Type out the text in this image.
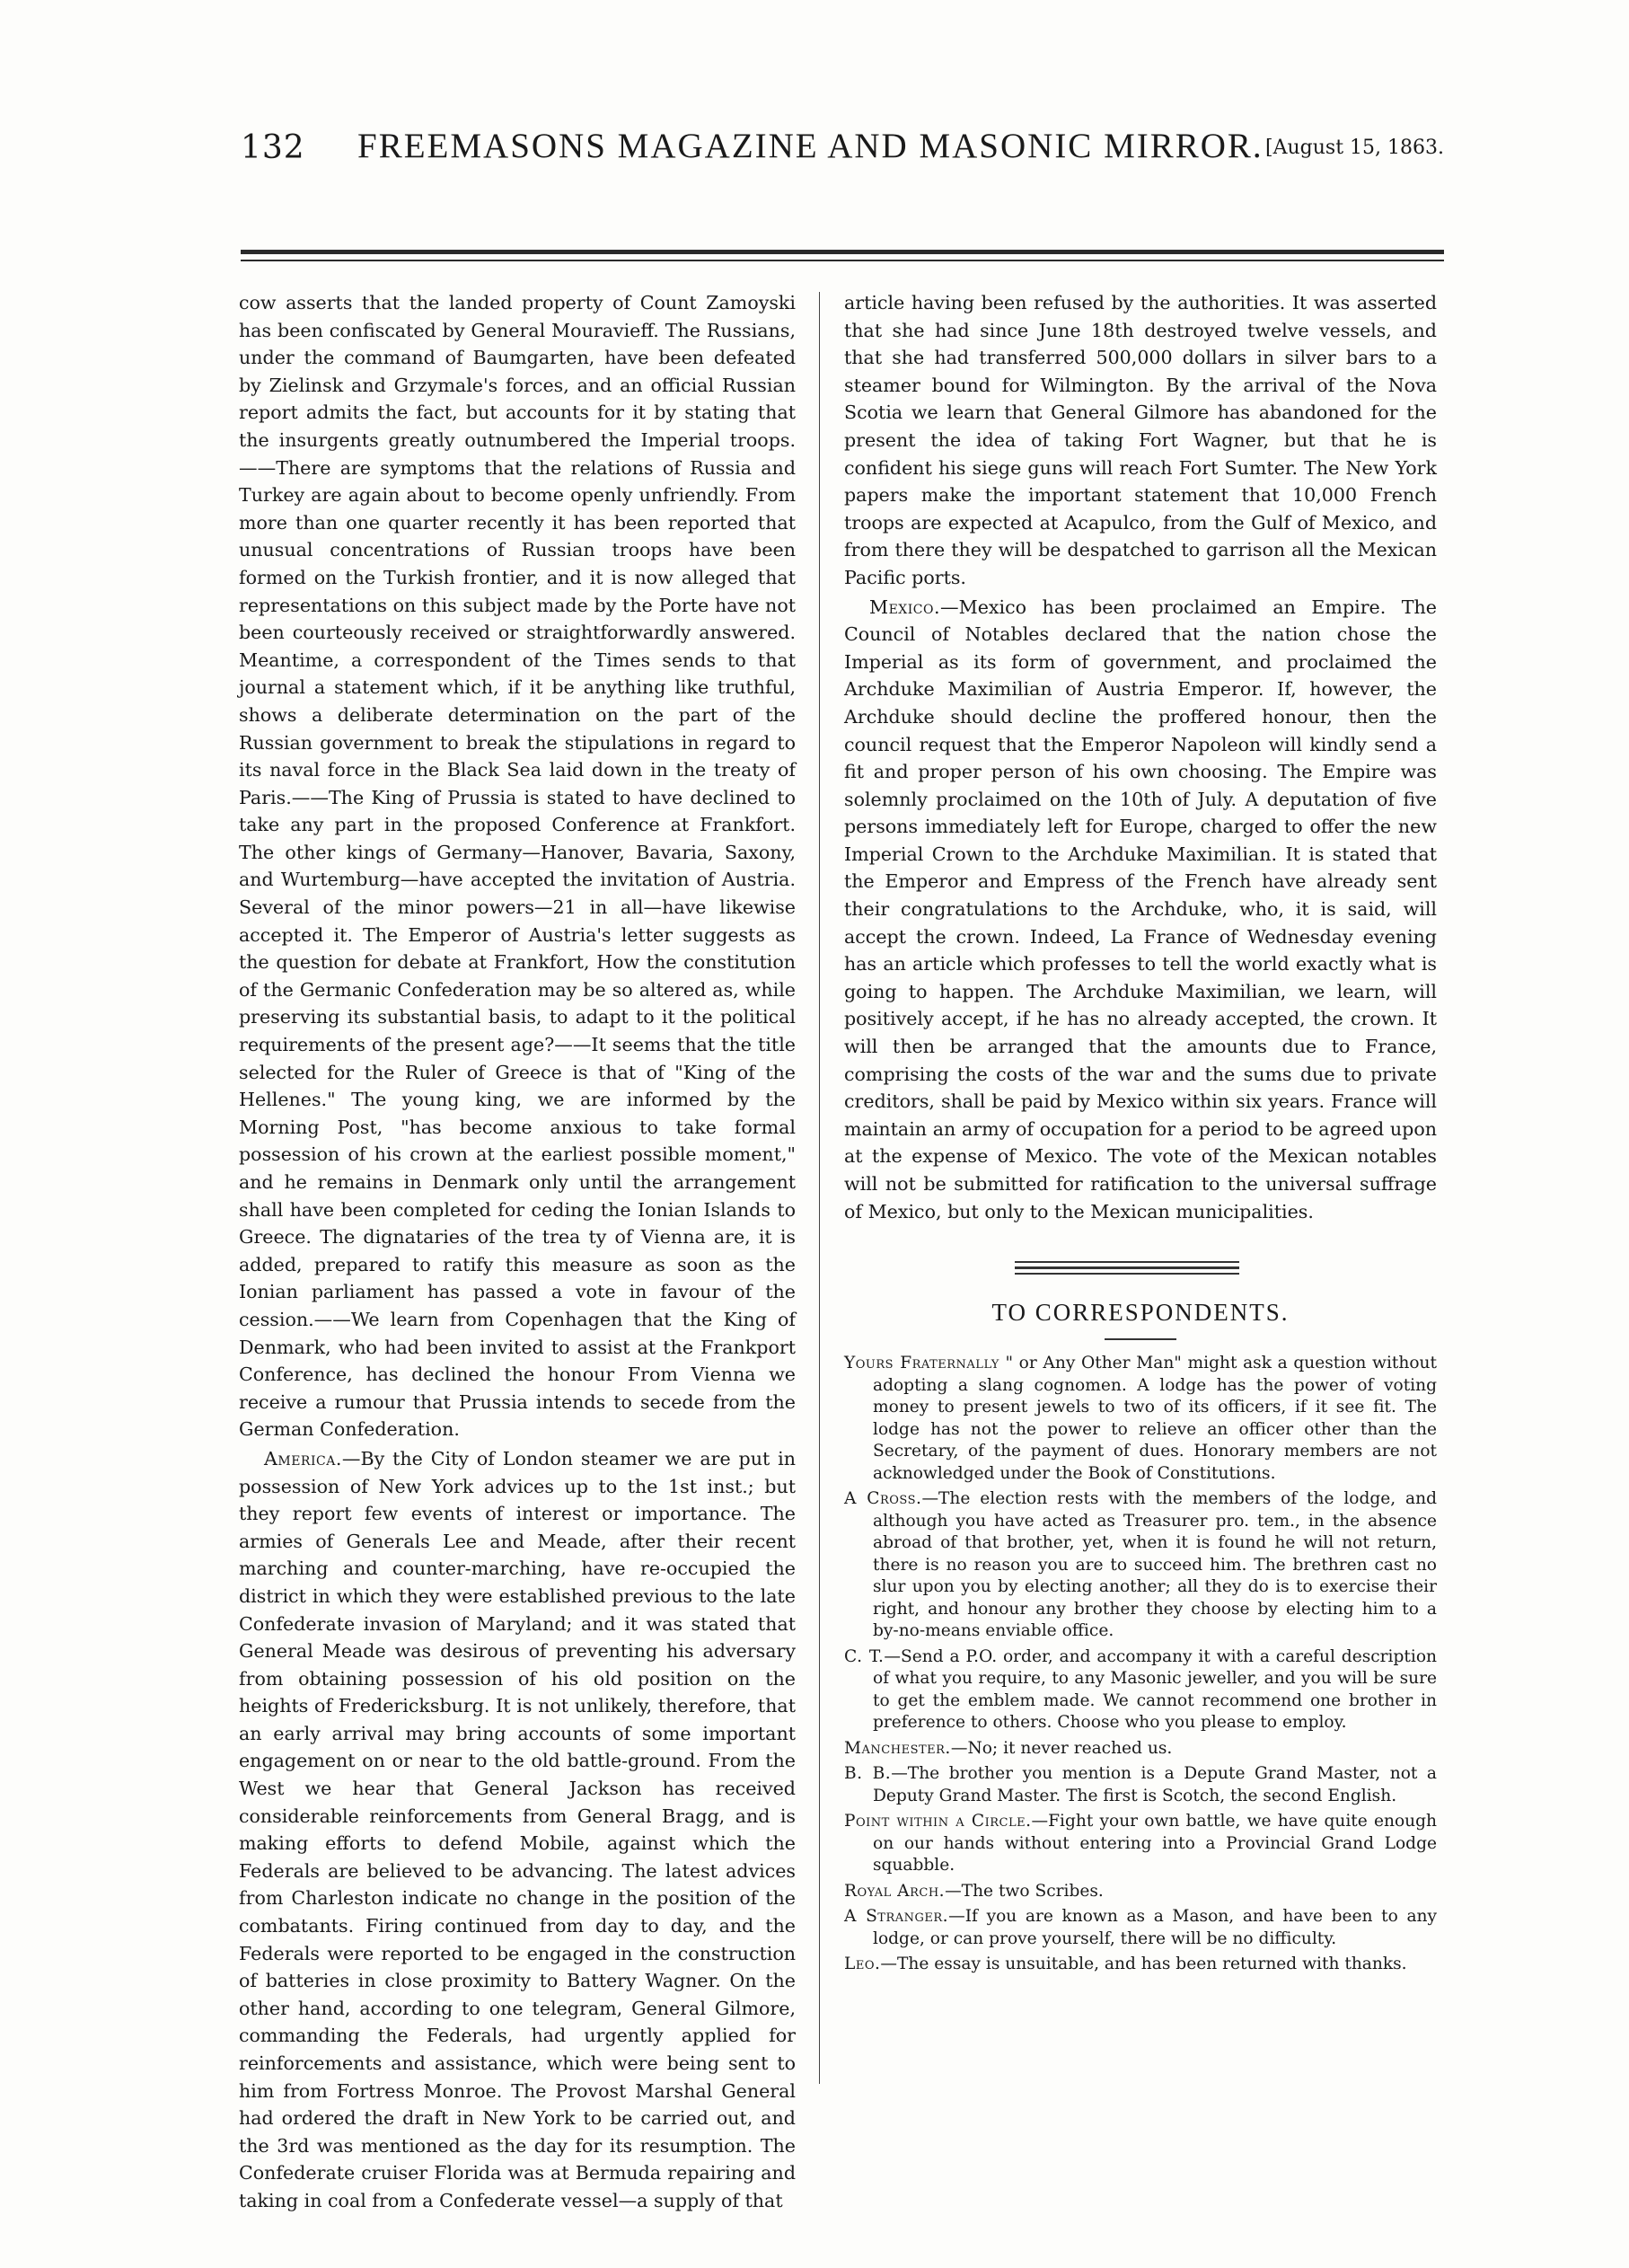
132 FREEMASONS MAGAZINE AND MASONIC MIRROR. [August 15, 1863.

cow asserts that the landed property of Count Zamoyski has been confiscated by General Mouravieff. The Russians, under the command of Baumgarten, have been defeated by Zielinsk and Grzymale's forces, and an official Russian report admits the fact, but accounts for it by stating that the insurgents greatly outnumbered the Imperial troops.——There are symptoms that the relations of Russia and Turkey are again about to become openly unfriendly. From more than one quarter recently it has been reported that unusual concentrations of Russian troops have been formed on the Turkish frontier, and it is now alleged that representations on this subject made by the Porte have not been courteously received or straightforwardly answered. Meantime, a correspondent of the Times sends to that journal a statement which, if it be anything like truthful, shows a deliberate determination on the part of the Russian government to break the stipulations in regard to its naval force in the Black Sea laid down in the treaty of Paris.——The King of Prussia is stated to have declined to take any part in the proposed Conference at Frankfort. The other kings of Germany—Hanover, Bavaria, Saxony, and Wurtemburg—have accepted the invitation of Austria. Several of the minor powers—21 in all—have likewise accepted it. The Emperor of Austria's letter suggests as the question for debate at Frankfort, How the constitution of the Germanic Confederation may be so altered as, while preserving its substantial basis, to adapt to it the political requirements of the present age?——It seems that the title selected for the Ruler of Greece is that of "King of the Hellenes." The young king, we are informed by the Morning Post, "has become anxious to take formal possession of his crown at the earliest possible moment," and he remains in Denmark only until the arrangement shall have been completed for ceding the Ionian Islands to Greece. The dignataries of the trea ty of Vienna are, it is added, prepared to ratify this measure as soon as the Ionian parliament has passed a vote in favour of the cession.——We learn from Copenhagen that the King of Denmark, who had been invited to assist at the Frankport Conference, has declined the honour From Vienna we receive a rumour that Prussia intends to secede from the German Confederation.

America.—By the City of London steamer we are put in possession of New York advices up to the 1st inst.; but they report few events of interest or importance. The armies of Generals Lee and Meade, after their recent marching and counter-marching, have re-occupied the district in which they were established previous to the late Confederate invasion of Maryland; and it was stated that General Meade was desirous of preventing his adversary from obtaining possession of his old position on the heights of Fredericksburg. It is not unlikely, therefore, that an early arrival may bring accounts of some important engagement on or near to the old battle-ground. From the West we hear that General Jackson has received considerable reinforcements from General Bragg, and is making efforts to defend Mobile, against which the Federals are believed to be advancing. The latest advices from Charleston indicate no change in the position of the combatants. Firing continued from day to day, and the Federals were reported to be engaged in the construction of batteries in close proximity to Battery Wagner. On the other hand, according to one telegram, General Gilmore, commanding the Federals, had urgently applied for reinforcements and assistance, which were being sent to him from Fortress Monroe. The Provost Marshal General had ordered the draft in New York to be carried out, and the 3rd was mentioned as the day for its resumption. The Confederate cruiser Florida was at Bermuda repairing and taking in coal from a Confederate vessel—a supply of that

article having been refused by the authorities. It was asserted that she had since June 18th destroyed twelve vessels, and that she had transferred 500,000 dollars in silver bars to a steamer bound for Wilmington. By the arrival of the Nova Scotia we learn that General Gilmore has abandoned for the present the idea of taking Fort Wagner, but that he is confident his siege guns will reach Fort Sumter. The New York papers make the important statement that 10,000 French troops are expected at Acapulco, from the Gulf of Mexico, and from there they will be despatched to garrison all the Mexican Pacific ports.

Mexico.—Mexico has been proclaimed an Empire. The Council of Notables declared that the nation chose the Imperial as its form of government, and proclaimed the Archduke Maximilian of Austria Emperor. If, however, the Archduke should decline the proffered honour, then the council request that the Emperor Napoleon will kindly send a fit and proper person of his own choosing. The Empire was solemnly proclaimed on the 10th of July. A deputation of five persons immediately left for Europe, charged to offer the new Imperial Crown to the Archduke Maximilian. It is stated that the Emperor and Empress of the French have already sent their congratulations to the Archduke, who, it is said, will accept the crown. Indeed, La France of Wednesday evening has an article which professes to tell the world exactly what is going to happen. The Archduke Maximilian, we learn, will positively accept, if he has no already accepted, the crown. It will then be arranged that the amounts due to France, comprising the costs of the war and the sums due to private creditors, shall be paid by Mexico within six years. France will maintain an army of occupation for a period to be agreed upon at the expense of Mexico. The vote of the Mexican notables will not be submitted for ratification to the universal suffrage of Mexico, but only to the Mexican municipalities.

TO CORRESPONDENTS.

Yours Fraternally " or Any Other Man" might ask a question without adopting a slang cognomen. A lodge has the power of voting money to present jewels to two of its officers, if it see fit. The lodge has not the power to relieve an officer other than the Secretary, of the payment of dues. Honorary members are not acknowledged under the Book of Constitutions.

A Cross.—The election rests with the members of the lodge, and although you have acted as Treasurer pro. tem., in the absence abroad of that brother, yet, when it is found he will not return, there is no reason you are to succeed him. The brethren cast no slur upon you by electing another; all they do is to exercise their right, and honour any brother they choose by electing him to a by-no-means enviable office.

C. T.—Send a P.O. order, and accompany it with a careful description of what you require, to any Masonic jeweller, and you will be sure to get the emblem made. We cannot recommend one brother in preference to others. Choose who you please to employ.

Manchester.—No; it never reached us.

B. B.—The brother you mention is a Depute Grand Master, not a Deputy Grand Master. The first is Scotch, the second English.

Point within a Circle.—Fight your own battle, we have quite enough on our hands without entering into a Provincial Grand Lodge squabble.

Royal Arch.—The two Scribes.

A Stranger.—If you are known as a Mason, and have been to any lodge, or can prove yourself, there will be no difficulty.

Leo.—The essay is unsuitable, and has been returned with thanks.
